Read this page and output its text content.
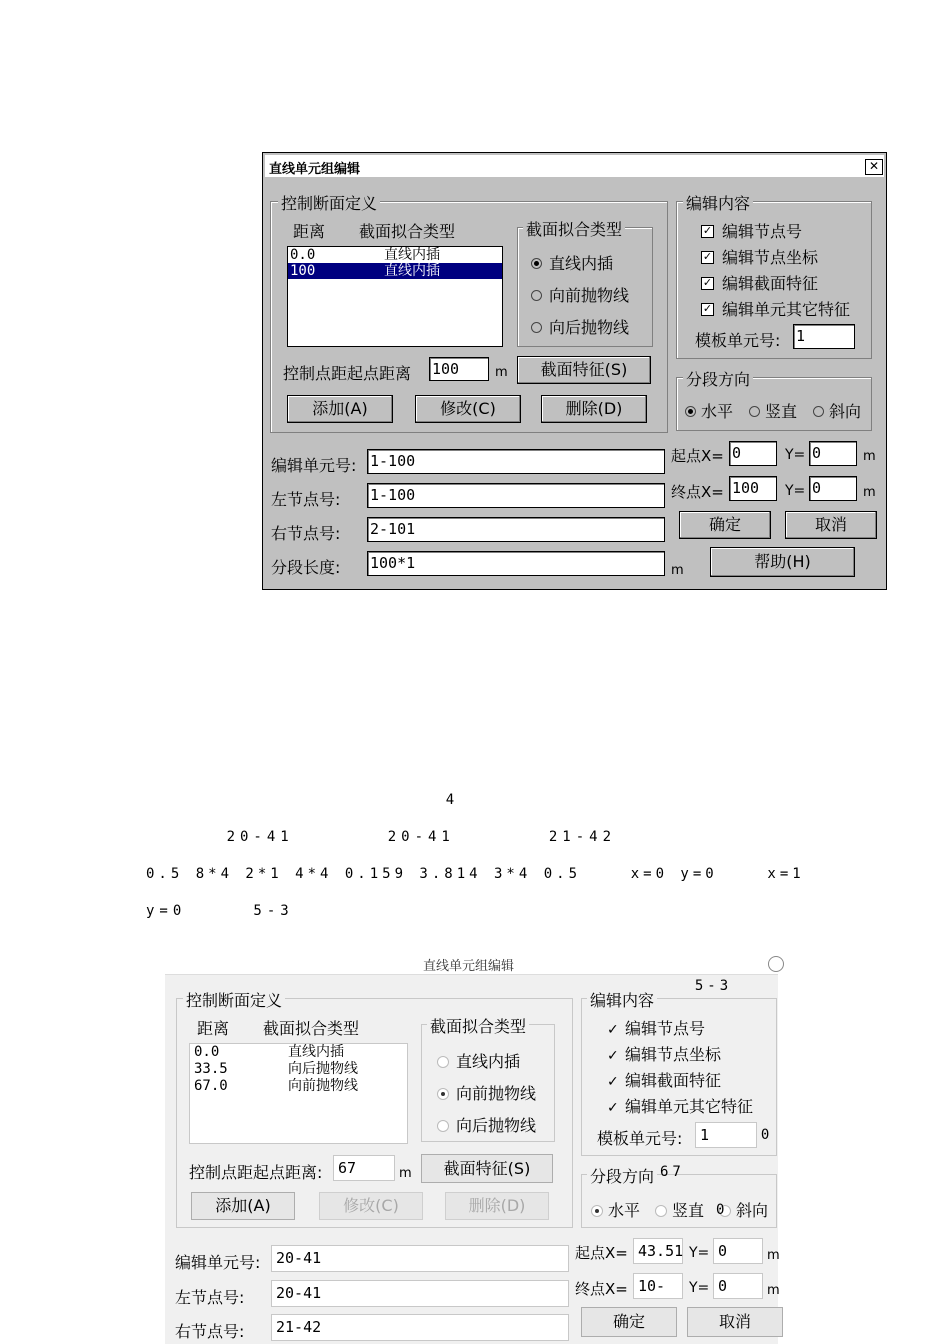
直线单元组编辑	✕
控制断面定义
距离 截面拟合类型
0.0	直线内插
100	直线内插
截面拟合类型
直线内插
向前抛物线
向后抛物线
控制点距起点距离 100	m	截面特征(S)
添加(A)	修改(C)	删除(D)
编辑内容
✓ 编辑节点号
✓ 编辑节点坐标
✓ 编辑截面特征
✓ 编辑单元其它特征
模板单元号: 1
分段方向
水平	竖直	斜向
编辑单元号: 1-100
左节点号: 1-100
右节点号: 2-101
分段长度: 100*1	m
起点X= 0	Y= 0	m
终点X= 100	Y= 0	m
确定	取消
帮助(H)

4
20-41       20-41       21-42
0.5 8*4 2*1 4*4 0.159 3.814 3*4 0.5    x=0 y=0    x=1
y=0     5-3
直线单元组编辑
控制断面定义
距离 截面拟合类型
0.0	直线内插
33.5	向后抛物线
67.0	向前抛物线
截面拟合类型
直线内插
向前抛物线
向后抛物线
控制点距起点距离:	67	m	截面特征(S)
添加(A)	修改(C)	删除(D)
编辑内容
✓ 编辑节点号
✓ 编辑节点坐标
✓ 编辑截面特征
✓ 编辑单元其它特征
模板单元号:	1
分段方向
水平	竖直	斜向
编辑单元号:	20-41
左节点号:	20-41
右节点号:	21-42
起点X= 43.51 Y= 0	m
终点X= 10-	Y= 0	m
确定	取消
5-3

0
67
0
